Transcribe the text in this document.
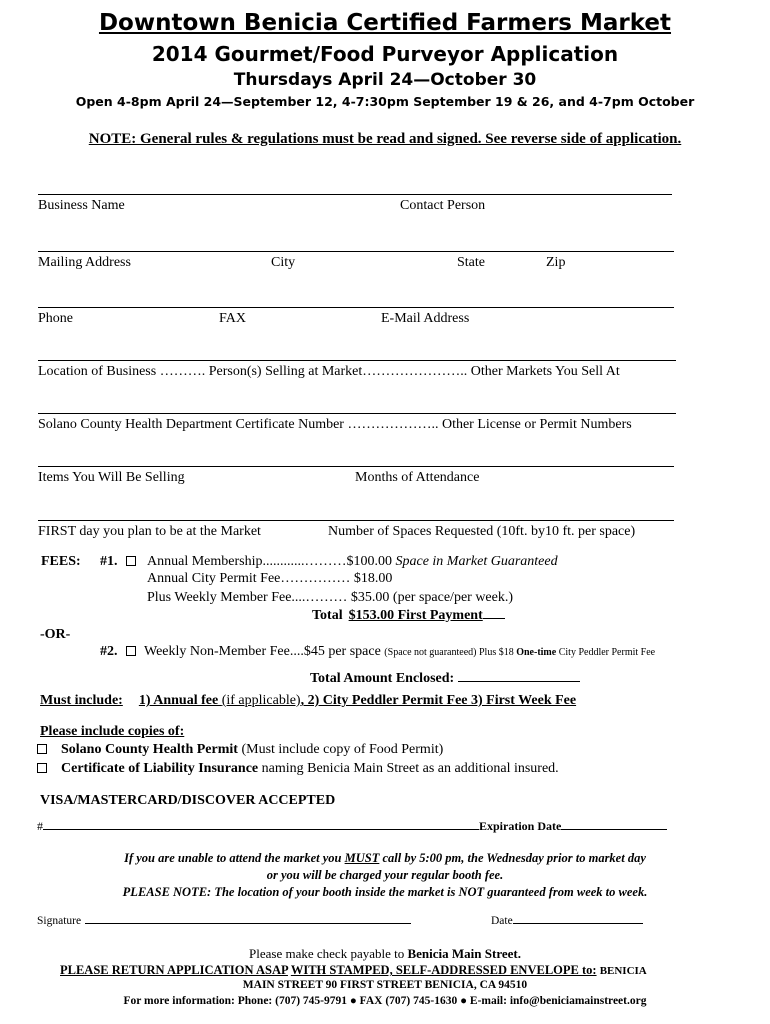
Downtown Benicia Certified Farmers Market
2014 Gourmet/Food Purveyor Application
Thursdays April 24—October 30
Open 4-8pm April 24—September 12, 4-7:30pm September 19 & 26, and 4-7pm October
NOTE: General rules & regulations must be read and signed. See reverse side of application.
Business Name	Contact Person
Mailing Address	City	State	Zip
Phone	FAX	E-Mail Address
Location of Business ………. Person(s) Selling at Market………………….. Other Markets You Sell At
Solano County Health Department Certificate Number ……………….. Other License or Permit Numbers
Items You Will Be Selling	Months of Attendance
FIRST day you plan to be at the Market	Number of Spaces Requested (10ft. by10 ft. per space)
FEES: #1. Annual Membership............………$100.00 Space in Market Guaranteed
Annual City Permit Fee…………… $18.00
Plus Weekly Member Fee....……… $35.00 (per space/per week.)
Total $153.00 First Payment
-OR-
#2. Weekly Non-Member Fee....$45 per space (Space not guaranteed) Plus $18 One-time City Peddler Permit Fee
Total Amount Enclosed:
Must include: 1) Annual fee (if applicable), 2) City Peddler Permit Fee 3) First Week Fee
Please include copies of:
Solano County Health Permit (Must include copy of Food Permit)
Certificate of Liability Insurance naming Benicia Main Street as an additional insured.
VISA/MASTERCARD/DISCOVER ACCEPTED
#	Expiration Date
If you are unable to attend the market you MUST call by 5:00 pm, the Wednesday prior to market day
or you will be charged your regular booth fee.
PLEASE NOTE: The location of your booth inside the market is NOT guaranteed from week to week.
Signature	Date
Please make check payable to Benicia Main Street.
PLEASE RETURN APPLICATION ASAP WITH STAMPED, SELF-ADDRESSED ENVELOPE to: BENICIA
MAIN STREET 90 FIRST STREET BENICIA, CA 94510
For more information: Phone: (707) 745-9791 ● FAX (707) 745-1630 ● E-mail: info@beniciamainstreet.org
